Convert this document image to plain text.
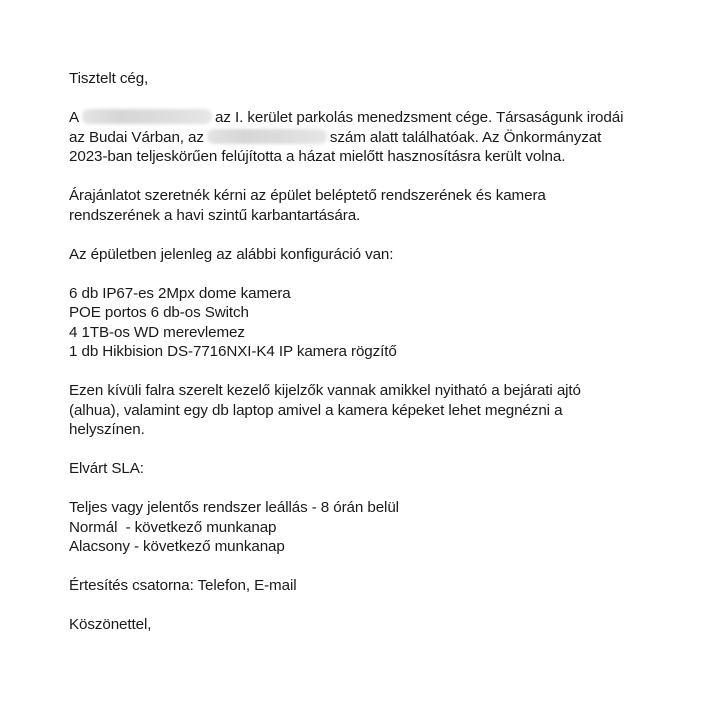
Tisztelt cég,
A	az I. kerület parkolás menedzsment cége. Társaságunk irodái
az Budai Várban, az	szám alatt találhatóak. Az Önkormányzat
2023-ban teljeskörűen felújította a házat mielőtt hasznosításra került volna.
Árajánlatot szeretnék kérni az épület beléptető rendszerének és kamera
rendszerének a havi szintű karbantartására.
Az épületben jelenleg az alábbi konfiguráció van:
6 db IP67-es 2Mpx dome kamera
POE portos 6 db-os Switch
4 1TB-os WD merevlemez
1 db Hikbision DS-7716NXI-K4 IP kamera rögzítő
Ezen kívüli falra szerelt kezelő kijelzők vannak amikkel nyitható a bejárati ajtó
(alhua), valamint egy db laptop amivel a kamera képeket lehet megnézni a
helyszínen.
Elvárt SLA:
Teljes vagy jelentős rendszer leállás - 8 órán belül
Normál  - következő munkanap
Alacsony - következő munkanap
Értesítés csatorna: Telefon, E-mail
Köszönettel,
